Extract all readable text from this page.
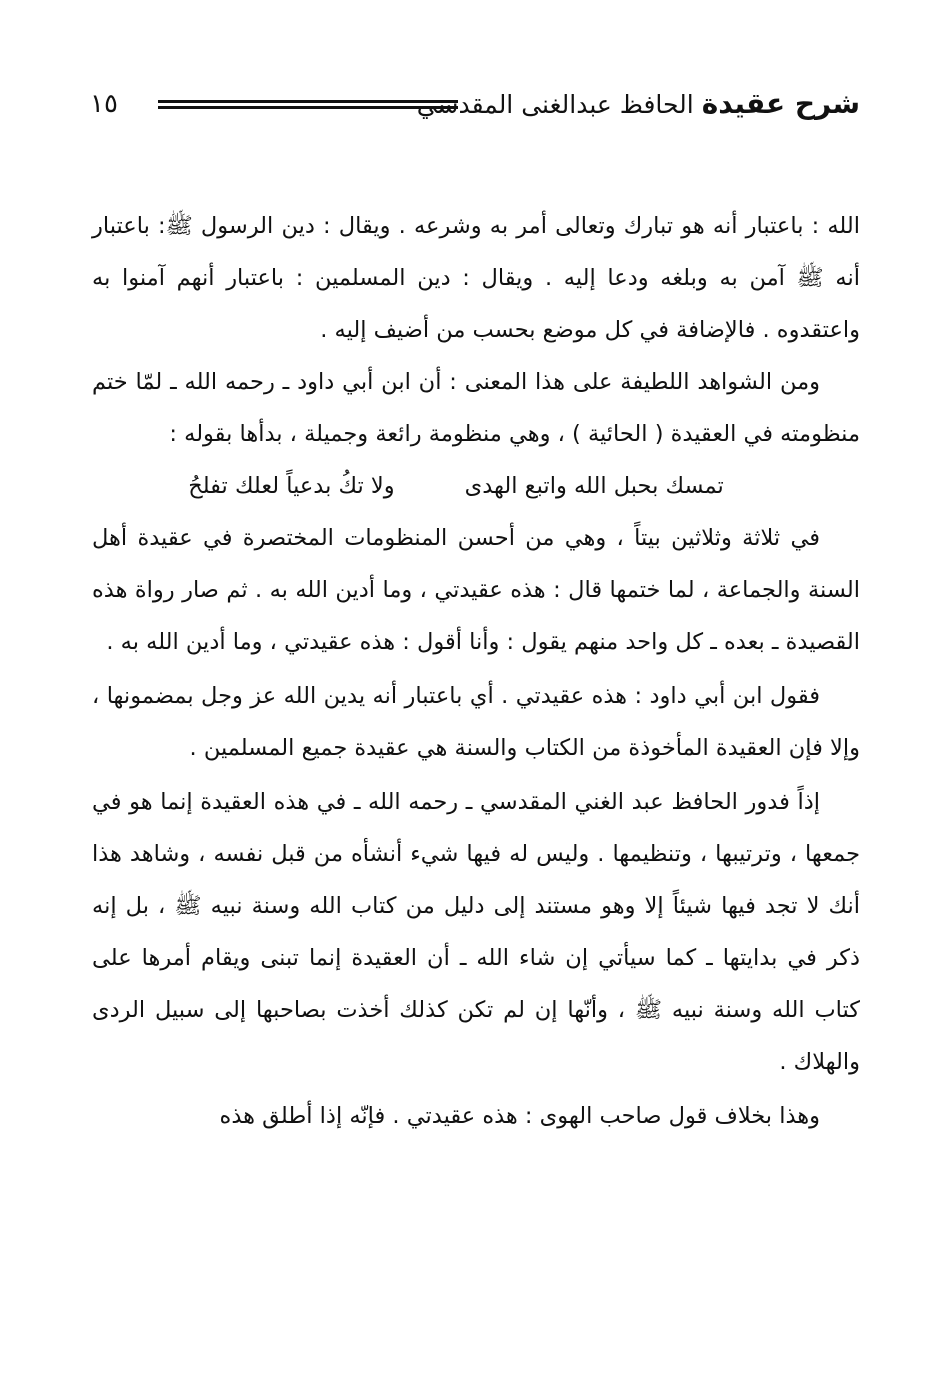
شرح عقيدة الحافظ عبدالغنى المقدسي
١٥

الله : باعتبار أنه هو تبارك وتعالى أمر به وشرعه . ويقال : دين الرسول ﷺ: باعتبار أنه ﷺ آمن به وبلغه ودعا إليه . ويقال : دين المسلمين : باعتبار أنهم آمنوا به واعتقدوه . فالإضافة في كل موضع بحسب من أضيف إليه .

ومن الشواهد اللطيفة على هذا المعنى : أن ابن أبي داود ـ رحمه الله ـ لمّا ختم منظومته في العقيدة ( الحائية ) ، وهي منظومة رائعة وجميلة ، بدأها بقوله :

تمسك بحبل الله واتبع الهدى
ولا تكُ بدعياً لعلك تفلحُ

في ثلاثة وثلاثين بيتاً ، وهي من أحسن المنظومات المختصرة في عقيدة أهل السنة والجماعة ، لما ختمها قال : هذه عقيدتي ، وما أدين الله به . ثم صار رواة هذه القصيدة ـ بعده ـ كل واحد منهم يقول : وأنا أقول : هذه عقيدتي ، وما أدين الله به .

فقول ابن أبي داود : هذه عقيدتي . أي باعتبار أنه يدين الله عز وجل بمضمونها ، وإلا فإن العقيدة المأخوذة من الكتاب والسنة هي عقيدة جميع المسلمين .

إذاً فدور الحافظ عبد الغني المقدسي ـ رحمه الله ـ في هذه العقيدة إنما هو في جمعها ، وترتيبها ، وتنظيمها . وليس له فيها شيء أنشأه من قبل نفسه ، وشاهد هذا أنك لا تجد فيها شيئاً إلا وهو مستند إلى دليل من كتاب الله وسنة نبيه ﷺ ، بل إنه ذكر في بدايتها ـ كما سيأتي إن شاء الله ـ أن العقيدة إنما تبنى ويقام أمرها على كتاب الله وسنة نبيه ﷺ ، وأنّها إن لم تكن كذلك أخذت بصاحبها إلى سبيل الردى والهلاك .

وهذا بخلاف قول صاحب الهوى : هذه عقيدتي . فإنّه إذا أطلق هذه
